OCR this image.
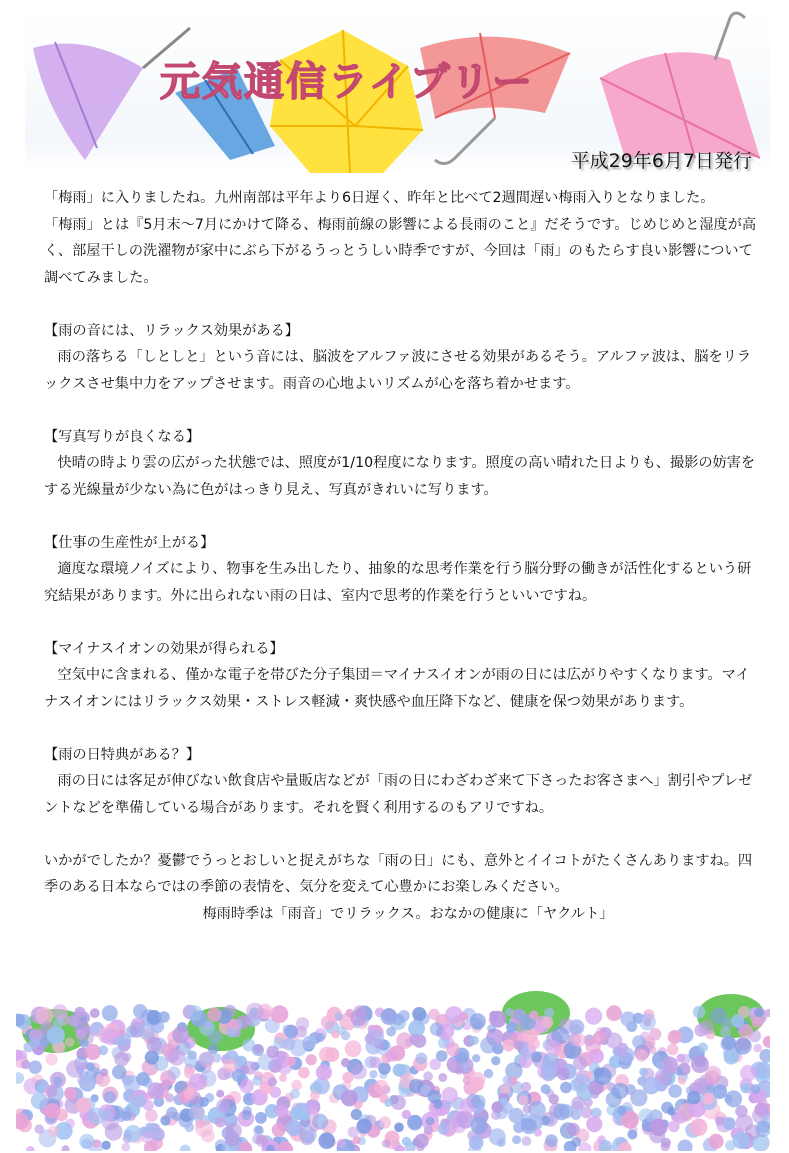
元気通信ライブリー
平成29年6月7日発行

「梅雨」に入りましたね。九州南部は平年より6日遅く、昨年と比べて2週間遅い梅雨入りとなりました。

「梅雨」とは『5月末～7月にかけて降る、梅雨前線の影響による長雨のこと』だそうです。じめじめと湿度が高く、部屋干しの洗濯物が家中にぶら下がるうっとうしい時季ですが、今回は「雨」のもたらす良い影響について調べてみました。

【雨の音には、リラックス効果がある】

雨の落ちる「しとしと」という音には、脳波をアルファ波にさせる効果があるそう。アルファ波は、脳をリラックスさせ集中力をアップさせます。雨音の心地よいリズムが心を落ち着かせます。

【写真写りが良くなる】

快晴の時より雲の広がった状態では、照度が1/10程度になります。照度の高い晴れた日よりも、撮影の妨害をする光線量が少ない為に色がはっきり見え、写真がきれいに写ります。

【仕事の生産性が上がる】

適度な環境ノイズにより、物事を生み出したり、抽象的な思考作業を行う脳分野の働きが活性化するという研究結果があります。外に出られない雨の日は、室内で思考的作業を行うといいですね。

【マイナスイオンの効果が得られる】

空気中に含まれる、僅かな電子を帯びた分子集団＝マイナスイオンが雨の日には広がりやすくなります。マイナスイオンにはリラックス効果・ストレス軽減・爽快感や血圧降下など、健康を保つ効果があります。

【雨の日特典がある？】

雨の日には客足が伸びない飲食店や量販店などが「雨の日にわざわざ来て下さったお客さまへ」割引やプレゼントなどを準備している場合があります。それを賢く利用するのもアリですね。

いかがでしたか？憂鬱でうっとおしいと捉えがちな「雨の日」にも、意外とイイコトがたくさんありますね。四季のある日本ならではの季節の表情を、気分を変えて心豊かにお楽しみください。

梅雨時季は「雨音」でリラックス。おなかの健康に「ヤクルト」
